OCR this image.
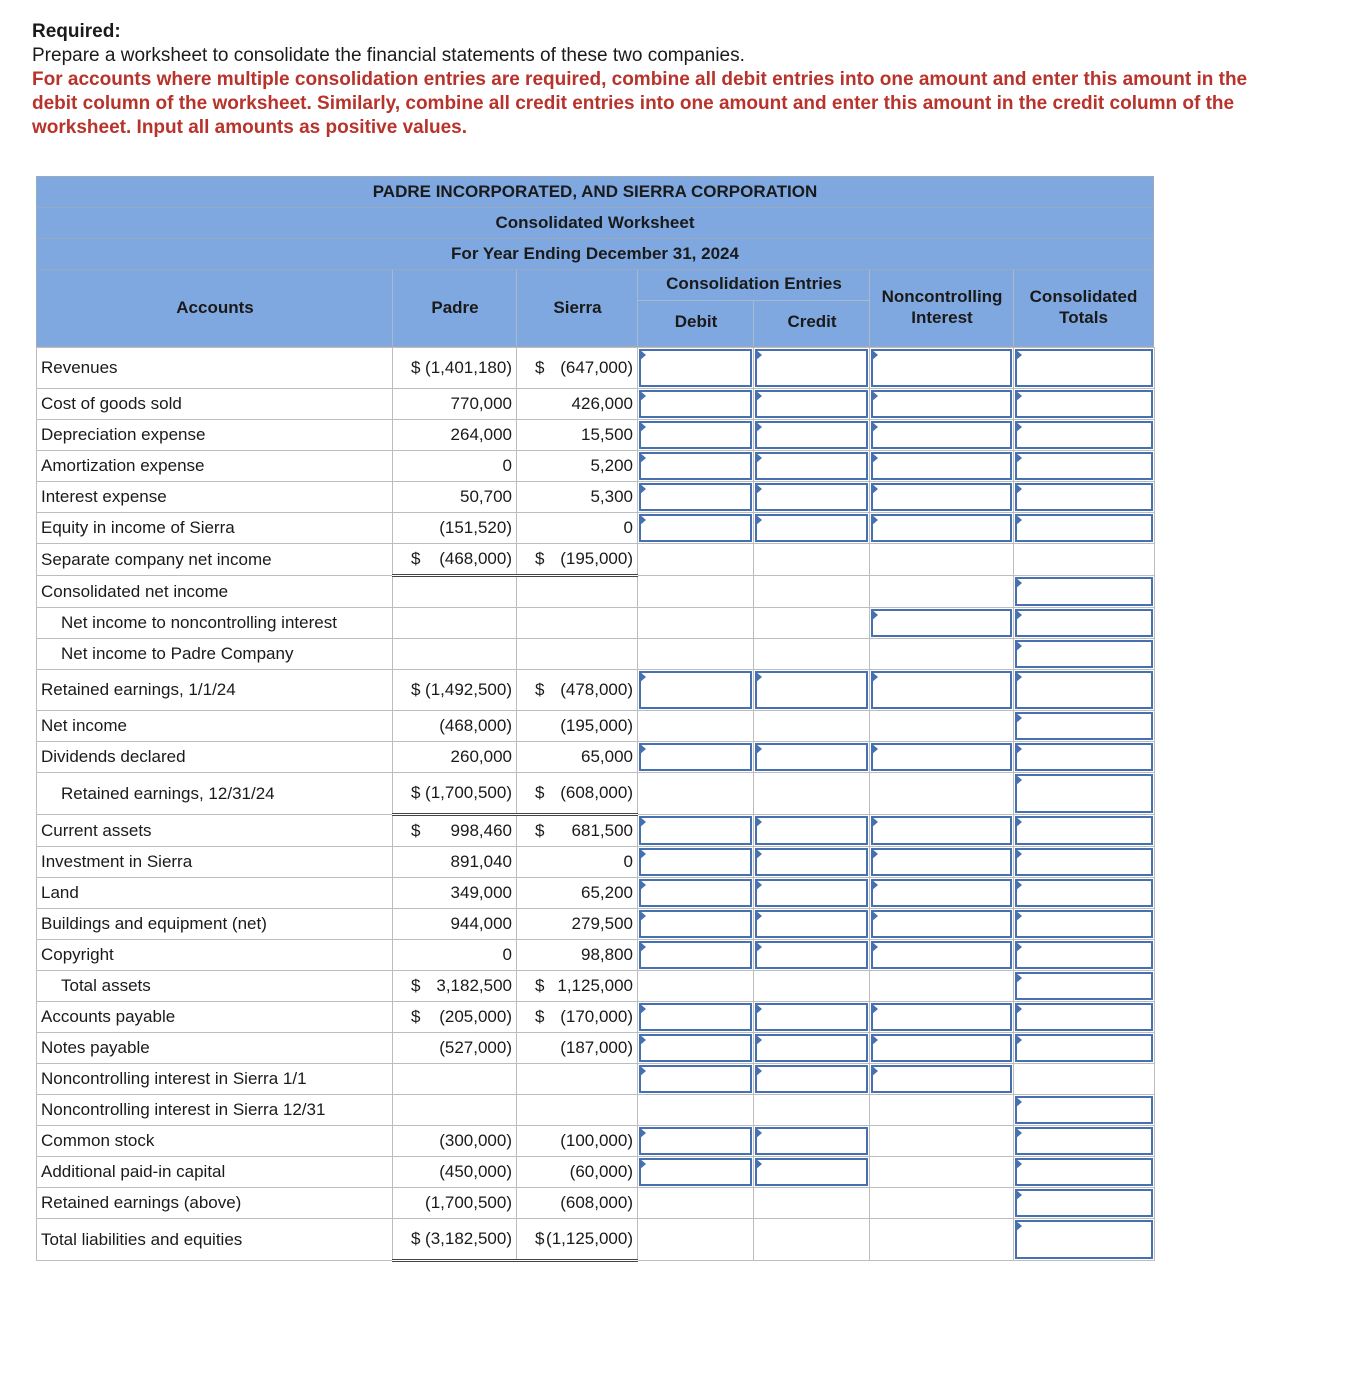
Required:
Prepare a worksheet to consolidate the financial statements of these two companies.
For accounts where multiple consolidation entries are required, combine all debit entries into one amount and enter this amount in the debit column of the worksheet. Similarly, combine all credit entries into one amount and enter this amount in the credit column of the worksheet. Input all amounts as positive values.
PADRE INCORPORATED, AND SIERRA CORPORATION
Consolidated Worksheet
For Year Ending December 31, 2024
Accounts	Padre	Sierra
Consolidation Entries
Debit	Credit
Noncontrolling
Interest
Consolidated
Totals
Revenues	$ (1,401,180)	$ (647,000)	

Cost of goods sold	770,000	426,000	

Depreciation expense	264,000	15,500	

Amortization expense	0	5,200	

Interest expense	50,700	5,300	

Equity in income of Sierra	(151,520)	0	

Separate company net income	$ (468,000)	$ (195,000)				
Consolidated net income						

Net income to noncontrolling interest					

Net income to Padre Company						

Retained earnings, 1/1/24	$ (1,492,500)	$ (478,000)	

Net income	(468,000)	(195,000)				

Dividends declared	260,000	65,000	

Retained earnings, 12/31/24	$ (1,700,500)	$ (608,000)				

Current assets	$ 998,460	$ 681,500	

Investment in Sierra	891,040	0	

Land	349,000	65,200	

Buildings and equipment (net)	944,000	279,500	

Copyright	0	98,800	

Total assets	$ 3,182,500	$ 1,125,000				

Accounts payable	$ (205,000)	$ (170,000)	

Notes payable	(527,000)	(187,000)	

Noncontrolling interest in Sierra 1/1			

Noncontrolling interest in Sierra 12/31						

Common stock	(300,000)	(100,000)	

Additional paid-in capital	(450,000)	(60,000)	

Retained earnings (above)	(1,700,500)	(608,000)				

Total liabilities and equities	$ (3,182,500)	$ (1,125,000)				
